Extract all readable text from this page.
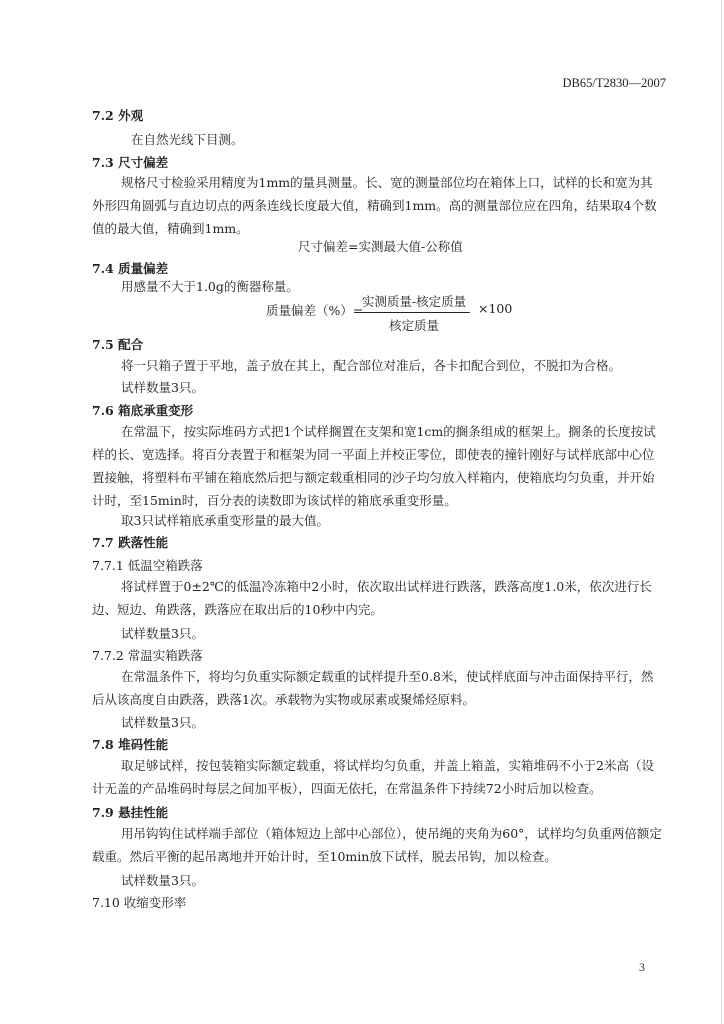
DB65/T2830—2007
7.2 外观
在自然光线下目测。
7.3 尺寸偏差
规格尺寸检验采用精度为1mm的量具测量。长、宽的测量部位均在箱体上口，试样的长和宽为其外形四角圆弧与直边切点的两条连线长度最大值，精确到1mm。高的测量部位应在四角，结果取4个数值的最大值，精确到1mm。
尺寸偏差=实测最大值-公称值
7.4 质量偏差
用感量不大于1.0g的衡器称量。
质量偏差（%）=
实测质量-核定质量
核定质量
×100
7.5 配合
将一只箱子置于平地，盖子放在其上，配合部位对准后，各卡扣配合到位，不脱扣为合格。
试样数量3只。
7.6 箱底承重变形
在常温下，按实际堆码方式把1个试样搁置在支架和宽1cm的搁条组成的框架上。搁条的长度按试样的长、宽选择。将百分表置于和框架为同一平面上并校正零位，即使表的撞针刚好与试样底部中心位置接触，将塑料布平铺在箱底然后把与额定载重相同的沙子均匀放入样箱内，使箱底均匀负重，并开始计时，至15min时，百分表的读数即为该试样的箱底承重变形量。
取3只试样箱底承重变形量的最大值。
7.7 跌落性能
7.7.1 低温空箱跌落
将试样置于0±2℃的低温冷冻箱中2小时，依次取出试样进行跌落，跌落高度1.0米，依次进行长边、短边、角跌落，跌落应在取出后的10秒中内完。
试样数量3只。
7.7.2 常温实箱跌落
在常温条件下，将均匀负重实际额定载重的试样提升至0.8米，使试样底面与冲击面保持平行，然后从该高度自由跌落，跌落1次。承载物为实物或尿素或聚烯烃原料。
试样数量3只。
7.8 堆码性能
取足够试样，按包装箱实际额定载重，将试样均匀负重，并盖上箱盖，实箱堆码不小于2米高（设计无盖的产品堆码时每层之间加平板），四面无依托，在常温条件下持续72小时后加以检查。
7.9 悬挂性能
用吊钩钩住试样端手部位（箱体短边上部中心部位），使吊绳的夹角为60°，试样均匀负重两倍额定载重。然后平衡的起吊离地并开始计时，至10min放下试样，脱去吊钩，加以检查。
试样数量3只。
7.10 收缩变形率
3
